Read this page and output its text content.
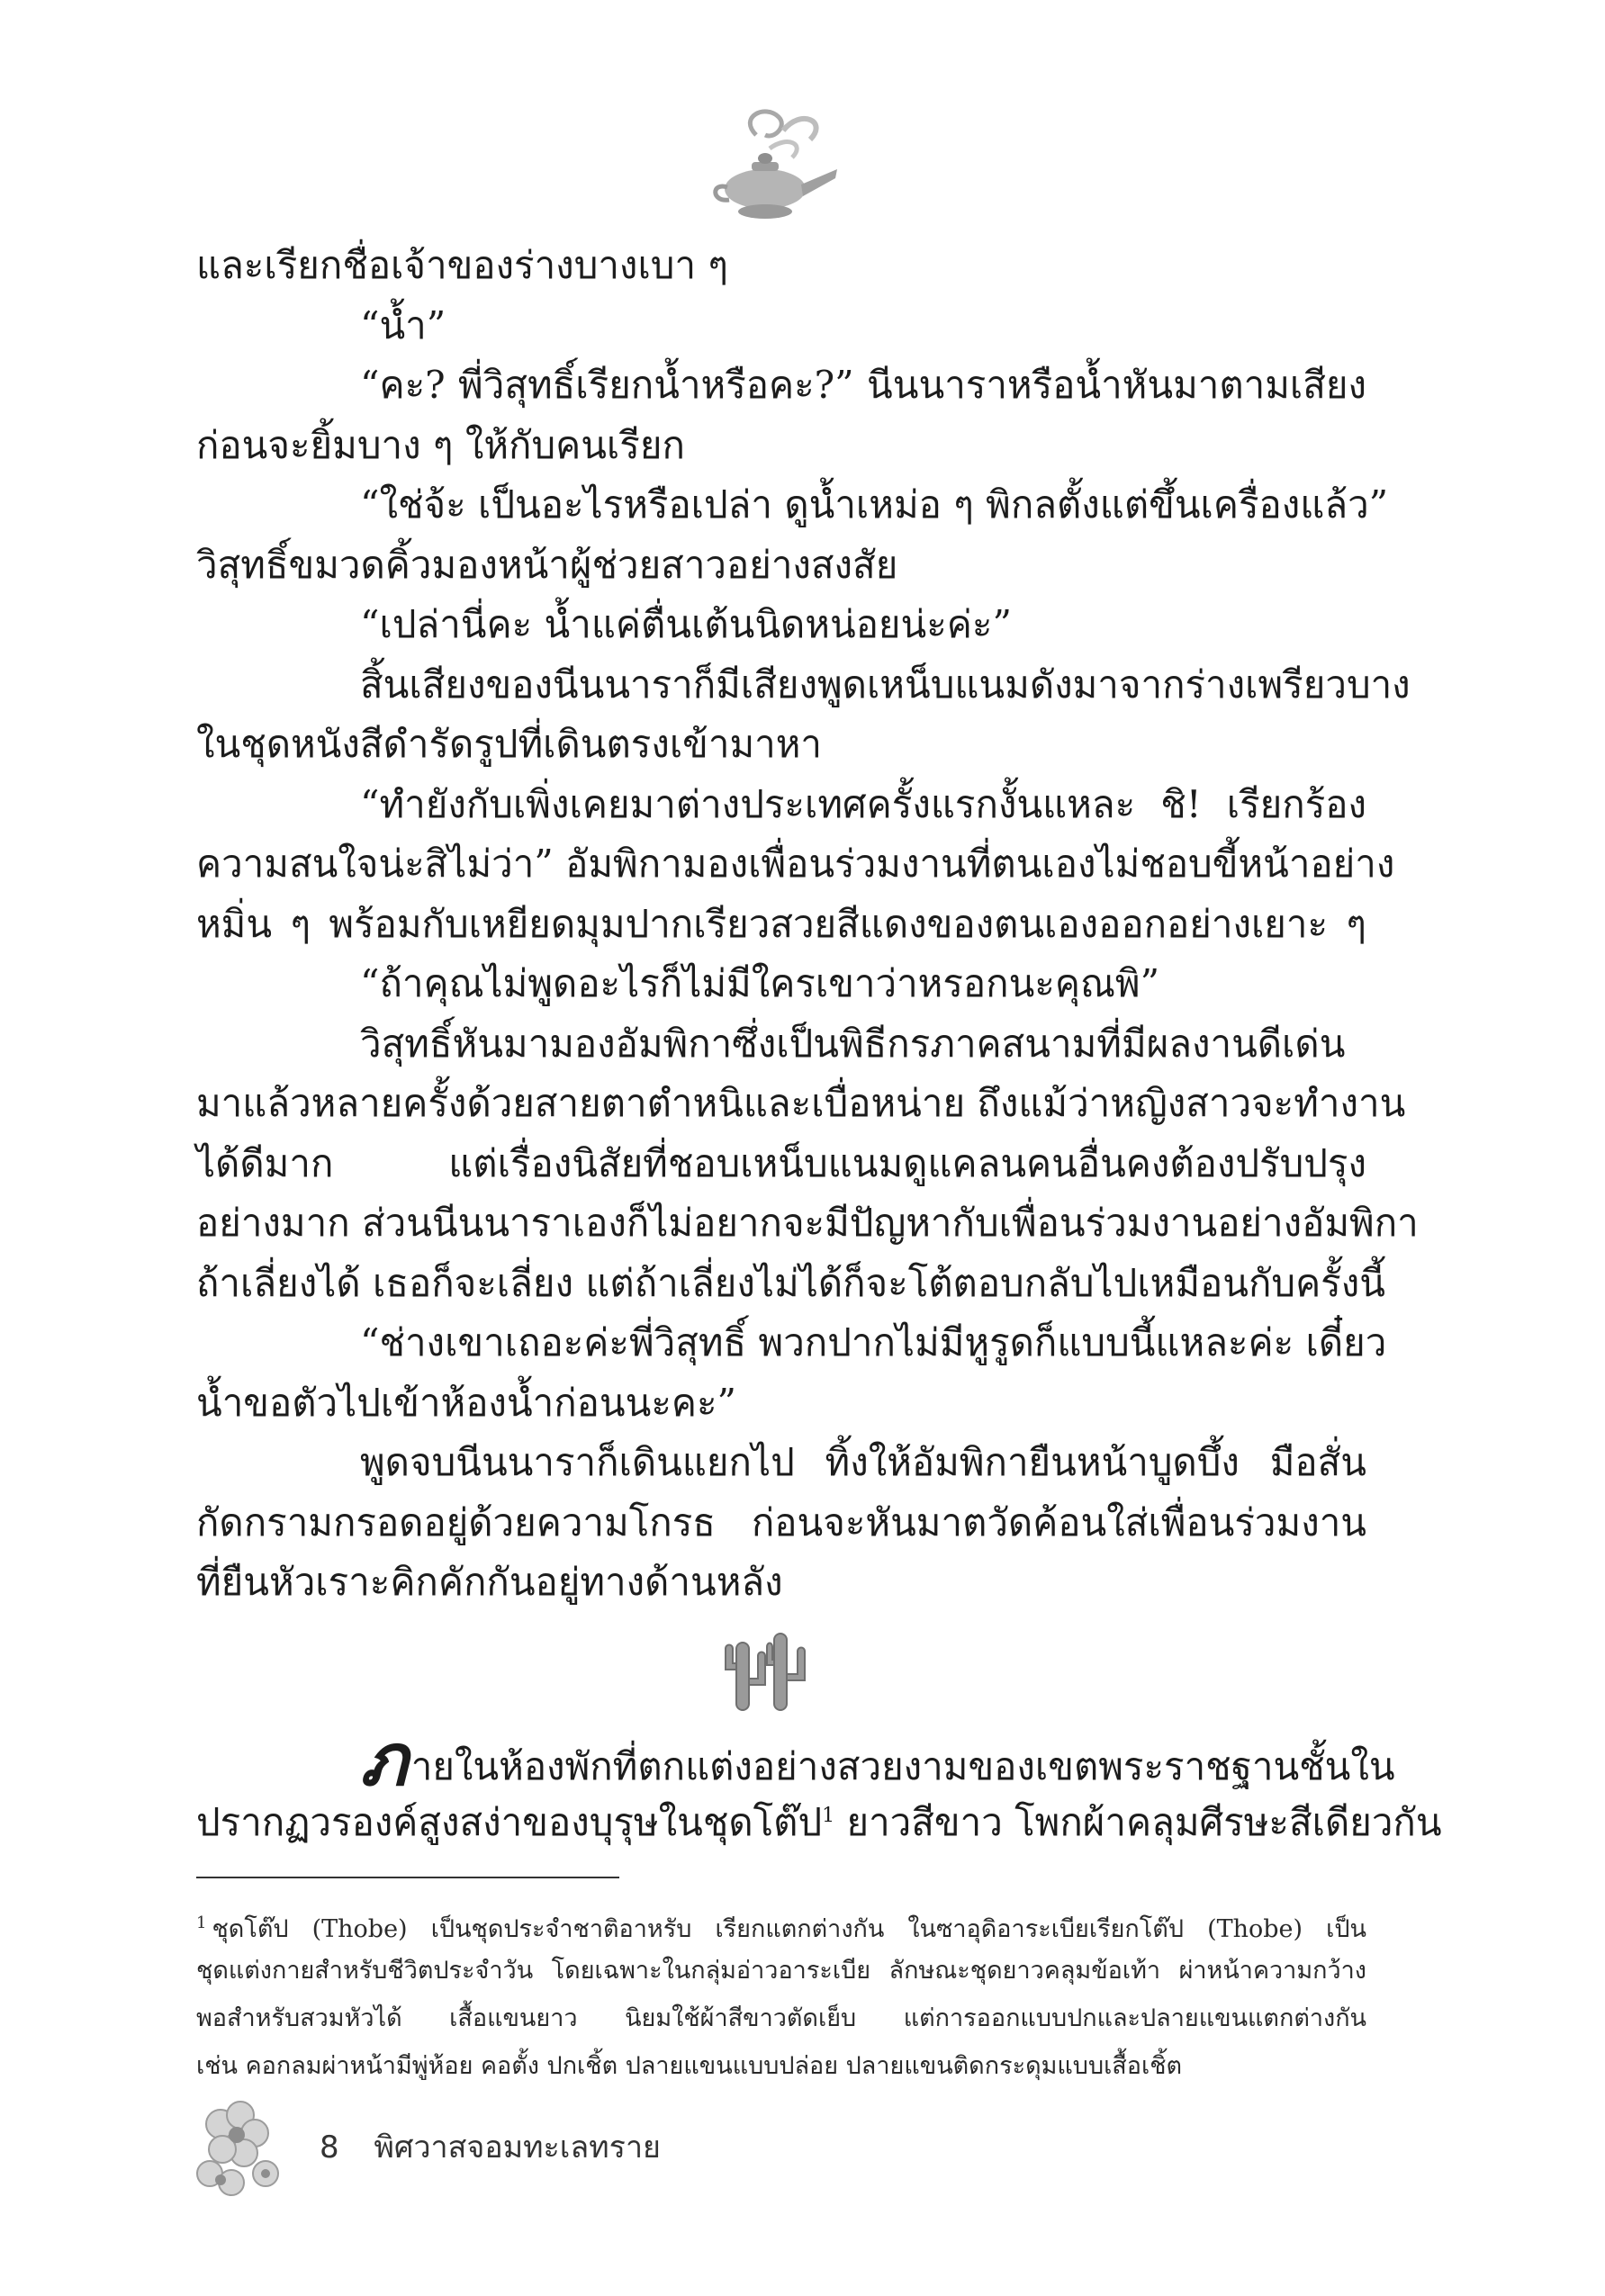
และเรียกชื่อเจ้าของร่างบางเบา ๆ
“น้ำ”
“คะ? พี่วิสุทธิ์เรียกน้ำหรือคะ?” นีนนาราหรือน้ำหันมาตามเสียง
ก่อนจะยิ้มบาง ๆ ให้กับคนเรียก
“ใช่จ้ะ เป็นอะไรหรือเปล่า ดูน้ำเหม่อ ๆ พิกลตั้งแต่ขึ้นเครื่องแล้ว”
วิสุทธิ์ขมวดคิ้วมองหน้าผู้ช่วยสาวอย่างสงสัย
“เปล่านี่คะ น้ำแค่ตื่นเต้นนิดหน่อยน่ะค่ะ”
สิ้นเสียงของนีนนาราก็มีเสียงพูดเหน็บแนมดังมาจากร่างเพรียวบาง
ในชุดหนังสีดำรัดรูปที่เดินตรงเข้ามาหา
“ทำยังกับเพิ่งเคยมาต่างประเทศครั้งแรกงั้นแหละ ชิ! เรียกร้อง
ความสนใจน่ะสิไม่ว่า” อัมพิกามองเพื่อนร่วมงานที่ตนเองไม่ชอบขี้หน้าอย่าง
หมิ่น ๆ พร้อมกับเหยียดมุมปากเรียวสวยสีแดงของตนเองออกอย่างเยาะ ๆ
“ถ้าคุณไม่พูดอะไรก็ไม่มีใครเขาว่าหรอกนะคุณพิ”
วิสุทธิ์หันมามองอัมพิกาซึ่งเป็นพิธีกรภาคสนามที่มีผลงานดีเด่น
มาแล้วหลายครั้งด้วยสายตาตำหนิและเบื่อหน่าย ถึงแม้ว่าหญิงสาวจะทำงาน
ได้ดีมาก แต่เรื่องนิสัยที่ชอบเหน็บแนมดูแคลนคนอื่นคงต้องปรับปรุง
อย่างมาก ส่วนนีนนาราเองก็ไม่อยากจะมีปัญหากับเพื่อนร่วมงานอย่างอัมพิกา
ถ้าเลี่ยงได้ เธอก็จะเลี่ยง แต่ถ้าเลี่ยงไม่ได้ก็จะโต้ตอบกลับไปเหมือนกับครั้งนี้
“ช่างเขาเถอะค่ะพี่วิสุทธิ์ พวกปากไม่มีหูรูดก็แบบนี้แหละค่ะ เดี๋ยว
น้ำขอตัวไปเข้าห้องน้ำก่อนนะคะ”
พูดจบนีนนาราก็เดินแยกไป ทิ้งให้อัมพิกายืนหน้าบูดบึ้ง มือสั่น
กัดกรามกรอดอยู่ด้วยความโกรธ ก่อนจะหันมาตวัดค้อนใส่เพื่อนร่วมงาน
ที่ยืนหัวเราะคิกคักกันอยู่ทางด้านหลัง
ภายในห้องพักที่ตกแต่งอย่างสวยงามของเขตพระราชฐานชั้นใน
ปรากฏวรองค์สูงสง่าของบุรุษในชุดโต๊ป$^1$ ยาวสีขาว โพกผ้าคลุมศีรษะสีเดียวกัน
$^1$ ชุดโต๊ป (Thobe) เป็นชุดประจำชาติอาหรับ เรียกแตกต่างกัน ในซาอุดิอาระเบียเรียกโต๊ป (Thobe) เป็น
ชุดแต่งกายสำหรับชีวิตประจำวัน โดยเฉพาะในกลุ่มอ่าวอาระเบีย ลักษณะชุดยาวคลุมข้อเท้า ผ่าหน้าความกว้าง
พอสำหรับสวมหัวได้ เสื้อแขนยาว นิยมใช้ผ้าสีขาวตัดเย็บ แต่การออกแบบปกและปลายแขนแตกต่างกัน
เช่น คอกลมผ่าหน้ามีพู่ห้อย คอตั้ง ปกเชิ้ต ปลายแขนแบบปล่อย ปลายแขนติดกระดุมแบบเสื้อเชิ้ต
8 พิศวาสจอมทะเลทราย
